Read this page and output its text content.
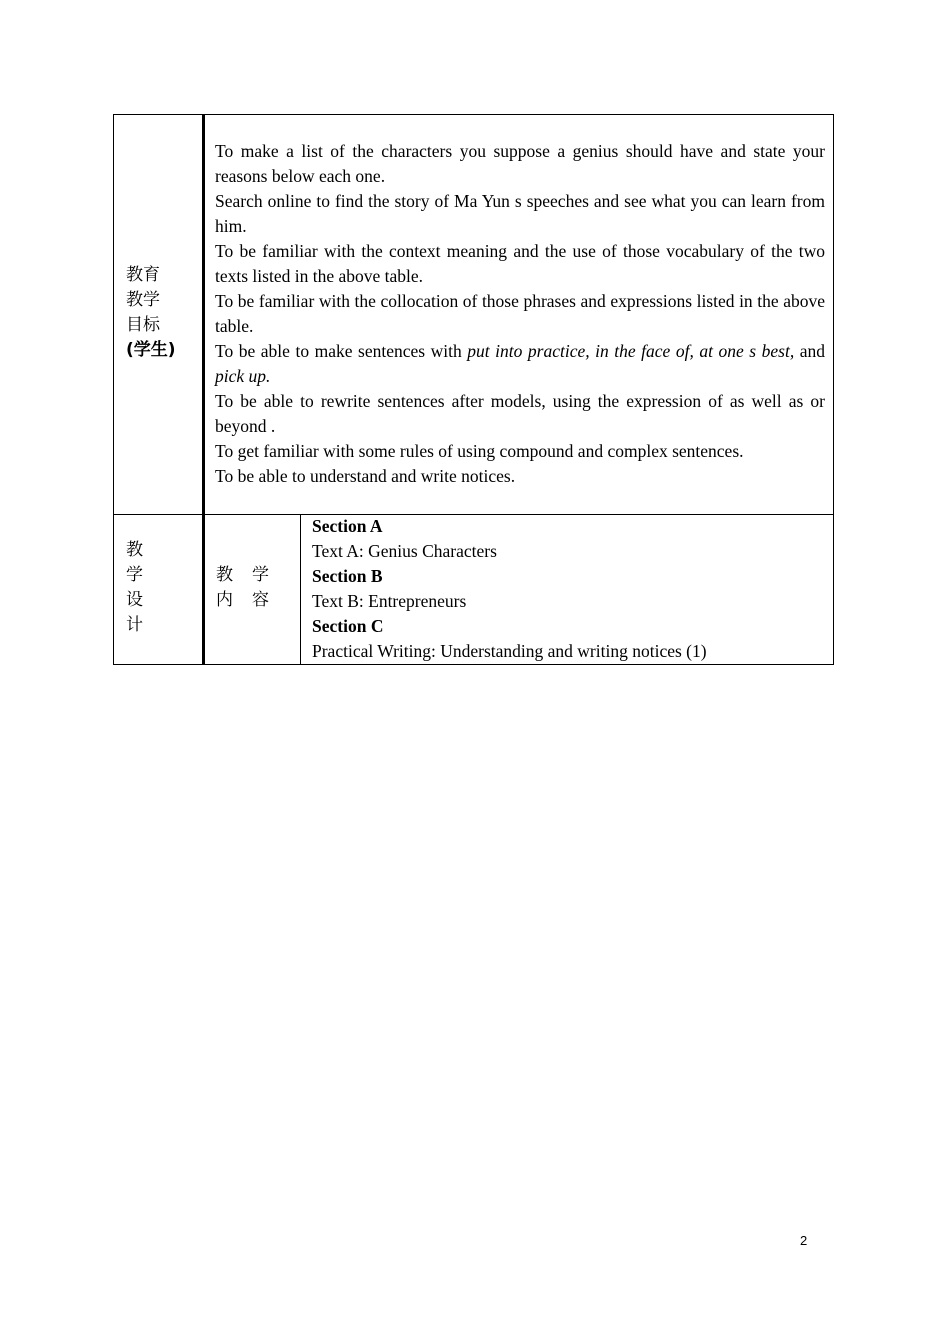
教育
教学
目标
(学生)

To make a list of the characters you suppose a genius should have and state your reasons below each one.

Search online to find the story of Ma Yun s speeches and see what you can learn from him.

To be familiar with the context meaning and the use of those vocabulary of the two texts listed in the above table.

To be familiar with the collocation of those phrases and expressions listed in the above table.

To be able to make sentences with put into practice, in the face of, at one s best, and pick up.

To be able to rewrite sentences after models, using the expression of as well as or beyond .

To get familiar with some rules of using compound and complex sentences.

To be able to understand and write notices.

教
学
设
计
教学
内容
Section A
Text A: Genius Characters
Section B
Text B: Entrepreneurs
Section C
Practical Writing: Understanding and writing notices (1)
2
